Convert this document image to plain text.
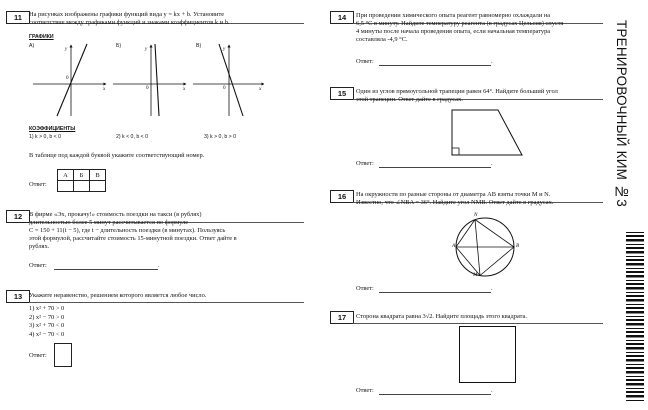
11	На рисунках изображены графики функций вида y = kx + b. Установите
соответствие между графиками функций и знаками коэффициентов k и b.
ГРАФИКИ
А)	Б)	В)
y
x
0
y
x
0
y
x
0
КОЭФФИЦИЕНТЫ
1) k > 0, b < 0	2) k < 0, b < 0	3) k > 0, b > 0
В таблице под каждой буквой укажите соответствующий номер.
Ответ:
А	Б	В

12	В фирме «Эх, прокачу!» стоимость поездки на такси (в рублях)
длительностью более 5 минут рассчитывается по формуле
C = 150 + 11(t − 5), где t − длительность поездки (в минутах). Пользуясь
этой формулой, рассчитайте стоимость 15-минутной поездки. Ответ дайте в
рублях.
Ответ:	.
13	Укажите неравенство, решением которого является любое число.
1) x² + 70 > 0
2) x² − 70 > 0
3) x² + 70 < 0
4) x² − 70 < 0
Ответ:
14	При проведении химического опыта реагент равномерно охлаждали на
6,5 °С в минуту. Найдите температуру реагента (в градусах Цельсия) спустя
4 минуты после начала проведения опыта, если начальная температура
составляла -4,9 °С.
Ответ:	.
15	Один из углов прямоугольной трапеции равен 64°. Найдите больший угол
этой трапеции. Ответ дайте в градусах.
Ответ:	.
16	На окружности по разные стороны от диаметра AB взяты точки M и N.
Известно, что ∠NBA = 36°. Найдите угол NMB. Ответ дайте в градусах.
N
A	B
M
Ответ:	.
17	Сторона квадрата равна 3√2. Найдите площадь этого квадрата.
Ответ:	.
ТРЕНИРОВОЧНЫЙ КИМ №3
